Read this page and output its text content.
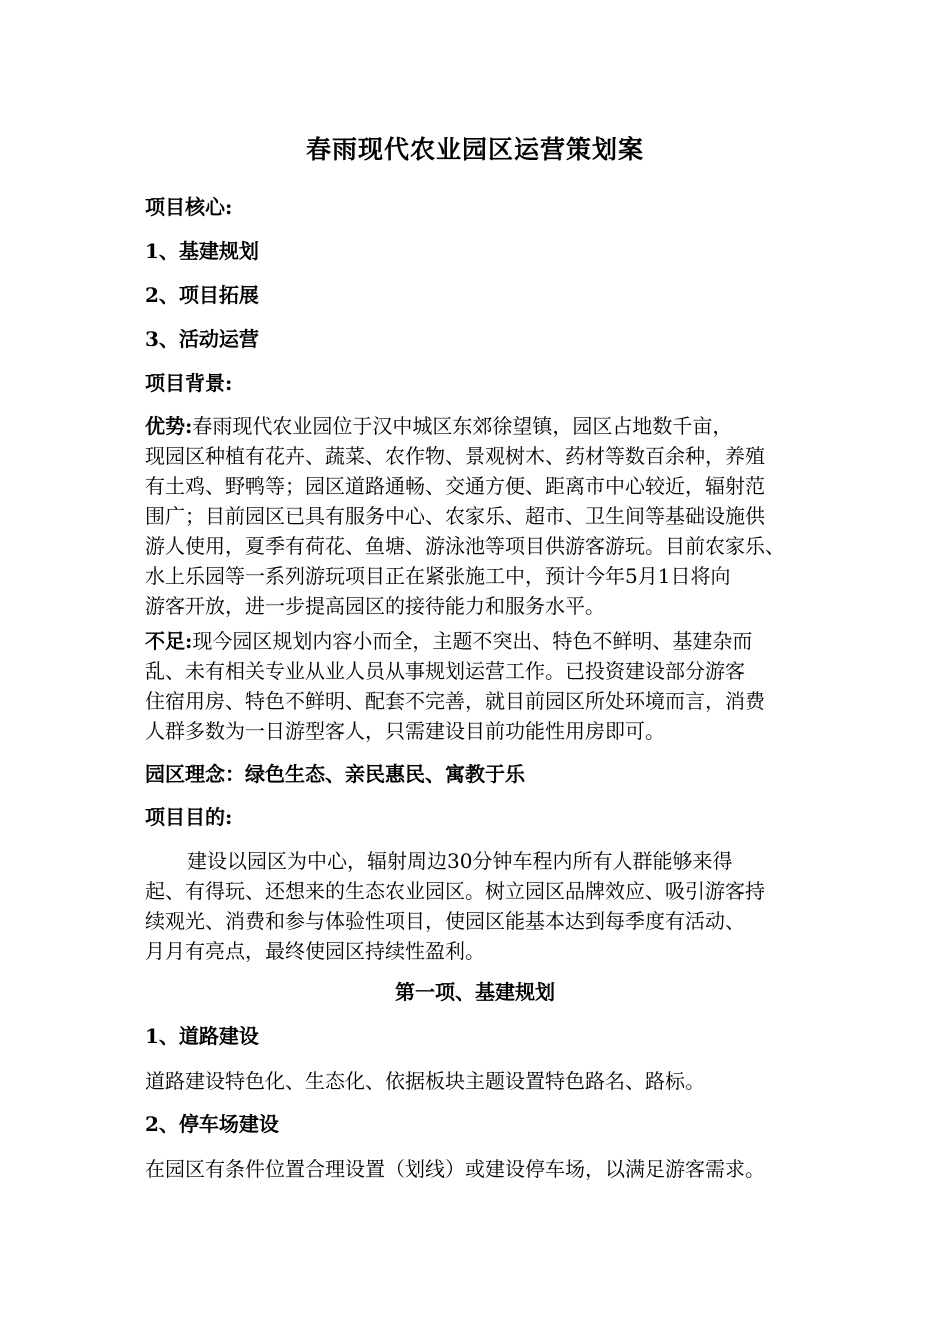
春雨现代农业园区运营策划案
项目核心:
1、基建规划
2、项目拓展
3、活动运营
项目背景:
优势:春雨现代农业园位于汉中城区东郊徐望镇，园区占地数千亩，
现园区种植有花卉、蔬菜、农作物、景观树木、药材等数百余种，养殖
有土鸡、野鸭等；园区道路通畅、交通方便、距离市中心较近，辐射范
围广；目前园区已具有服务中心、农家乐、超市、卫生间等基础设施供
游人使用，夏季有荷花、鱼塘、游泳池等项目供游客游玩。目前农家乐、
水上乐园等一系列游玩项目正在紧张施工中，预计今年5月1日将向
游客开放，进一步提高园区的接待能力和服务水平。
不足:现今园区规划内容小而全，主题不突出、特色不鲜明、基建杂而
乱、未有相关专业从业人员从事规划运营工作。已投资建设部分游客
住宿用房、特色不鲜明、配套不完善，就目前园区所处环境而言，消费
人群多数为一日游型客人，只需建设目前功能性用房即可。
园区理念：绿色生态、亲民惠民、寓教于乐
项目目的:
建设以园区为中心，辐射周边30分钟车程内所有人群能够来得
起、有得玩、还想来的生态农业园区。树立园区品牌效应、吸引游客持
续观光、消费和参与体验性项目，使园区能基本达到每季度有活动、
月月有亮点，最终使园区持续性盈利。
第一项、基建规划
1、道路建设
道路建设特色化、生态化、依据板块主题设置特色路名、路标。
2、停车场建设
在园区有条件位置合理设置（划线）或建设停车场，以满足游客需求。
